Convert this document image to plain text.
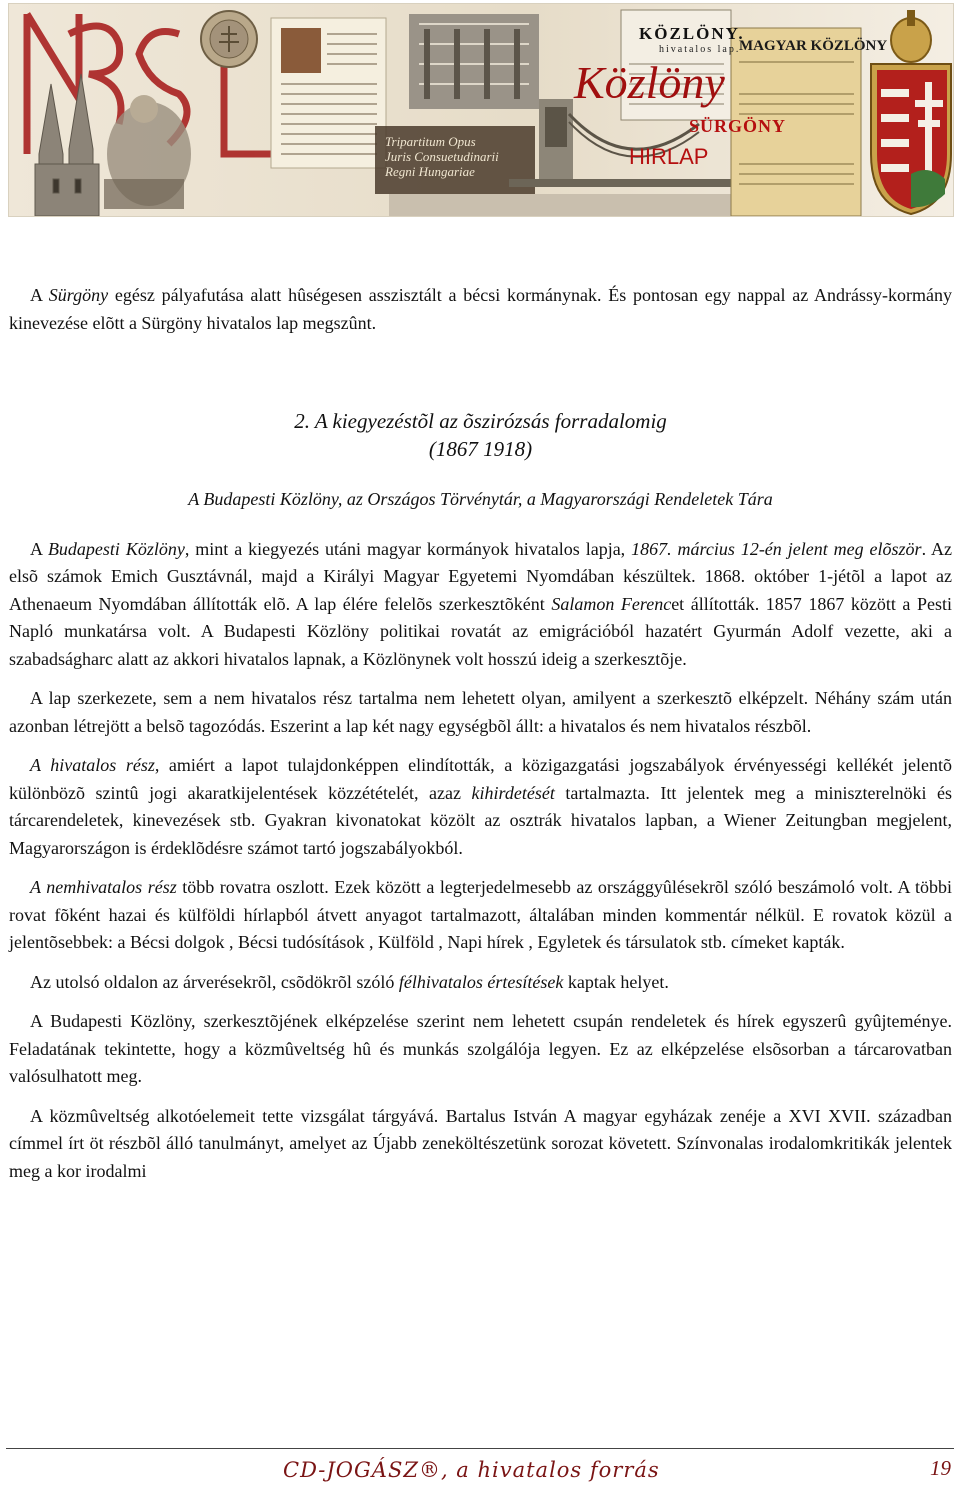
KÖZLÖNY.
hivatalos lap.
MAGYAR KÖZLÖNY
Közlöny
SÜRGÖNY
HIRLAP
Tripartitum Opus
Juris Consuetudinarii
Regni Hungariae

A Sürgöny egész pályafutása alatt hûségesen asszisztált a bécsi kormánynak. És pontosan egy nappal az Andrássy-kormány kinevezése elõtt a Sürgöny hivatalos lap megszûnt.

2. A kiegyezéstõl az õszirózsás forradalomig
(1867 1918)

A Budapesti Közlöny, az Országos Törvénytár, a Magyarországi Rendeletek Tára

A Budapesti Közlöny, mint a kiegyezés utáni magyar kormányok hivatalos lapja, 1867. március 12-én jelent meg elõször. Az elsõ számok Emich Gusztávnál, majd a Királyi Magyar Egyetemi Nyomdában készültek. 1868. október 1-jétõl a lapot az Athenaeum Nyomdában állították elõ. A lap élére felelõs szerkesztõként Salamon Ferencet állították. 1857 1867 között a Pesti Napló munkatársa volt. A Budapesti Közlöny politikai rovatát az emigrációból hazatért Gyurmán Adolf vezette, aki a szabadságharc alatt az akkori hivatalos lapnak, a Közlönynek volt hosszú ideig a szerkesztõje.

A lap szerkezete, sem a nem hivatalos rész tartalma nem lehetett olyan, amilyent a szerkesztõ elképzelt. Néhány szám után azonban létrejött a belsõ tagozódás. Eszerint a lap két nagy egységbõl állt: a hivatalos és nem hivatalos részbõl.

A hivatalos rész, amiért a lapot tulajdonképpen elindították, a közigazgatási jogszabályok érvényességi kellékét jelentõ különbözõ szintû jogi akaratkijelentések közzétételét, azaz kihirdetését tartalmazta. Itt jelentek meg a miniszterelnöki és tárcarendeletek, kinevezések stb. Gyakran kivonatokat közölt az osztrák hivatalos lapban, a Wiener Zeitungban megjelent, Magyarországon is érdeklõdésre számot tartó jogszabályokból.

A nemhivatalos rész több rovatra oszlott. Ezek között a legterjedelmesebb az országgyûlésekrõl szóló beszámoló volt. A többi rovat fõként hazai és külföldi hírlapból átvett anyagot tartalmazott, általában minden kommentár nélkül. E rovatok közül a jelentõsebbek: a Bécsi dolgok , Bécsi tudósítások , Külföld , Napi hírek , Egyletek és társulatok stb. címeket kapták.

Az utolsó oldalon az árverésekrõl, csõdökrõl szóló félhivatalos értesítések kaptak helyet.

A Budapesti Közlöny, szerkesztõjének elképzelése szerint nem lehetett csupán rendeletek és hírek egyszerû gyûjteménye. Feladatának tekintette, hogy a közmûveltség hû és munkás szolgálója legyen. Ez az elképzelése elsõsorban a tárcarovatban valósulhatott meg.

A közmûveltség alkotóelemeit tette vizsgálat tárgyává. Bartalus István A magyar egyházak zenéje a XVI XVII. században címmel írt öt részbõl álló tanulmányt, amelyet az Újabb zeneköltészetünk sorozat követett. Színvonalas irodalomkritikák jelentek meg a kor irodalmi

CD-JOGÁSZ®, a hivatalos forrás	19
